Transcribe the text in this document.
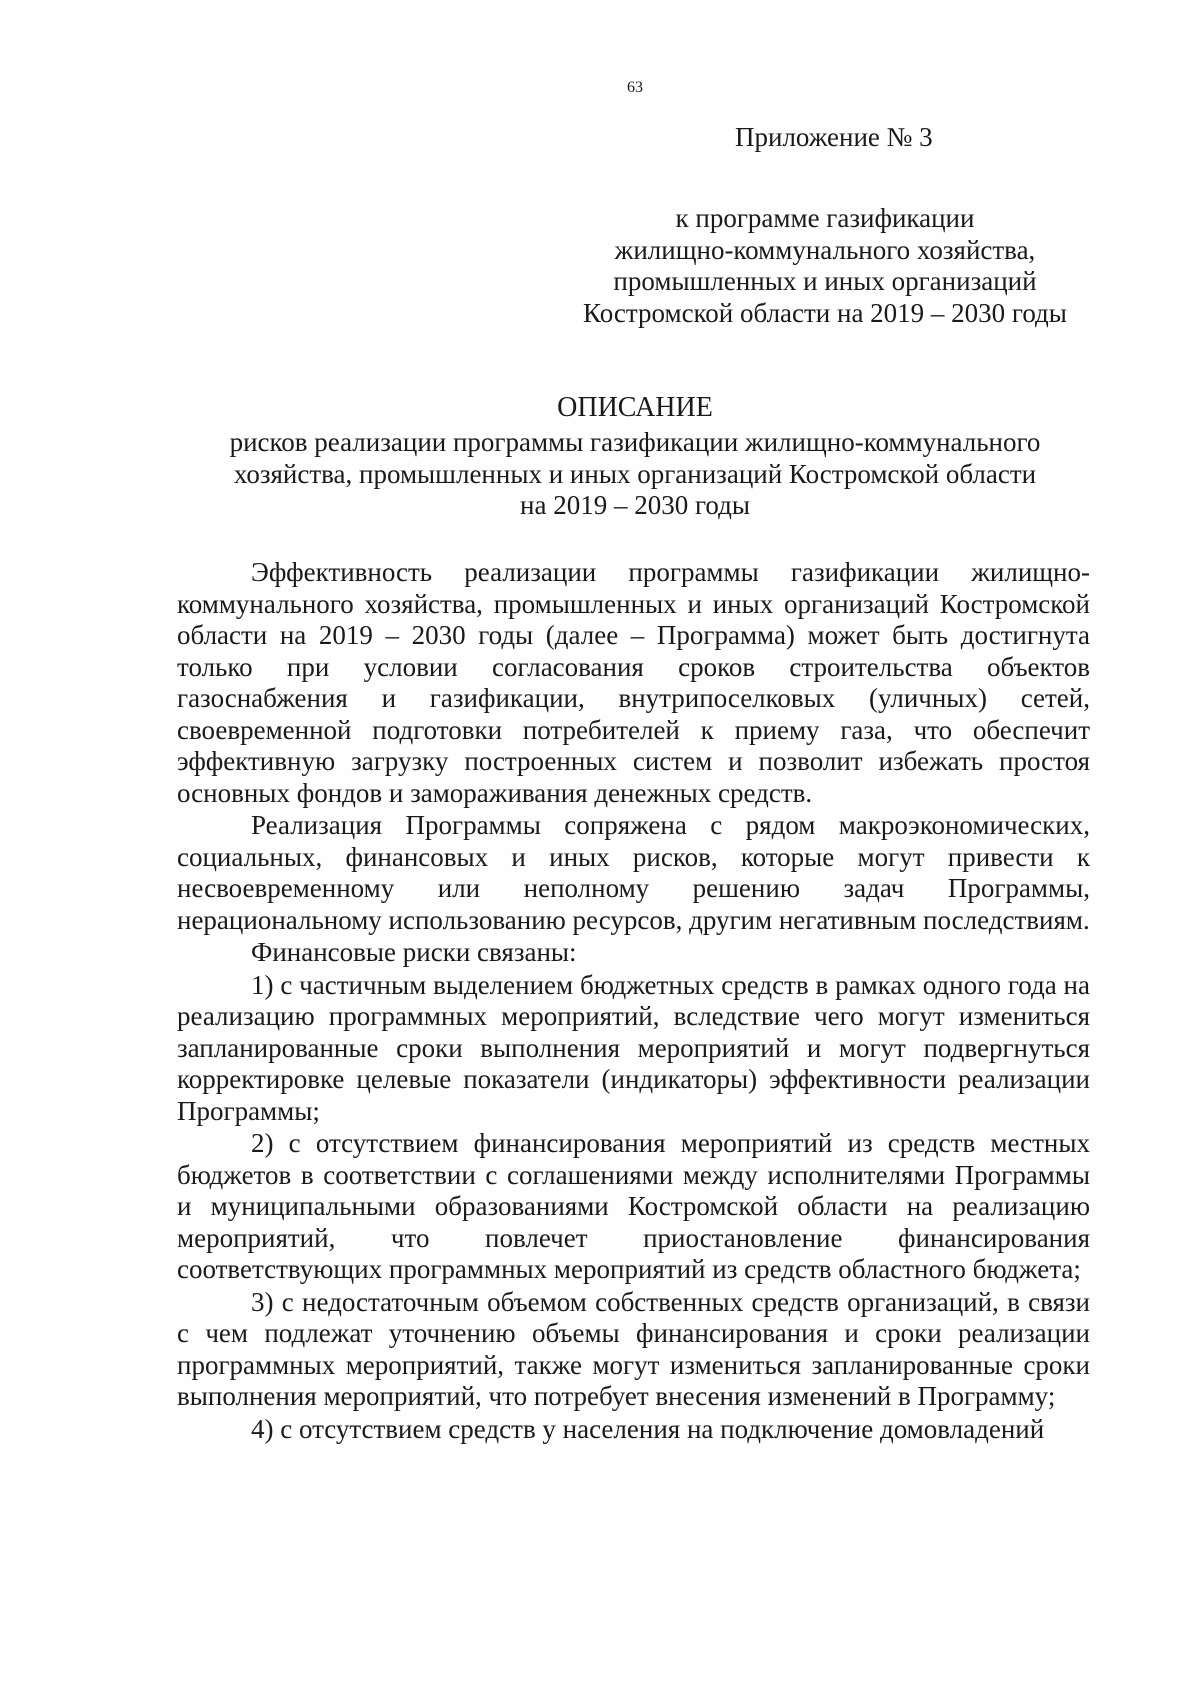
63
Приложение № 3
к программе газификации
жилищно-коммунального хозяйства,
промышленных и иных организаций
Костромской области на 2019 – 2030 годы
ОПИСАНИЕ
рисков реализации программы газификации жилищно-коммунального
хозяйства, промышленных и иных организаций Костромской области
на 2019 – 2030 годы

Эффективность реализации программы газификации жилищно-коммунального хозяйства, промышленных и иных организаций Костромской области на 2019 – 2030 годы (далее – Программа) может быть достигнута только при условии согласования сроков строительства объектов газоснабжения и газификации, внутрипоселковых (уличных) сетей, своевременной подготовки потребителей к приему газа, что обеспечит эффективную загрузку построенных систем и позволит избежать простоя основных фондов и замораживания денежных средств.

Реализация Программы сопряжена с рядом макроэкономических, социальных, финансовых и иных рисков, которые могут привести к несвоевременному или неполному решению задач Программы, нерациональному использованию ресурсов, другим негативным последствиям.

Финансовые риски связаны:

1) с частичным выделением бюджетных средств в рамках одного года на реализацию программных мероприятий, вследствие чего могут измениться запланированные сроки выполнения мероприятий и могут подвергнуться корректировке целевые показатели (индикаторы) эффективности реализации Программы;

2) с отсутствием финансирования мероприятий из средств местных бюджетов в соответствии с соглашениями между исполнителями Программы и муниципальными образованиями Костромской области на реализацию мероприятий, что повлечет приостановление финансирования соответствующих программных мероприятий из средств областного бюджета;

3) с недостаточным объемом собственных средств организаций, в связи с чем подлежат уточнению объемы финансирования и сроки реализации программных мероприятий, также могут измениться запланированные сроки выполнения мероприятий, что потребует внесения изменений в Программу;

4) с отсутствием средств у населения на подключение домовладений
